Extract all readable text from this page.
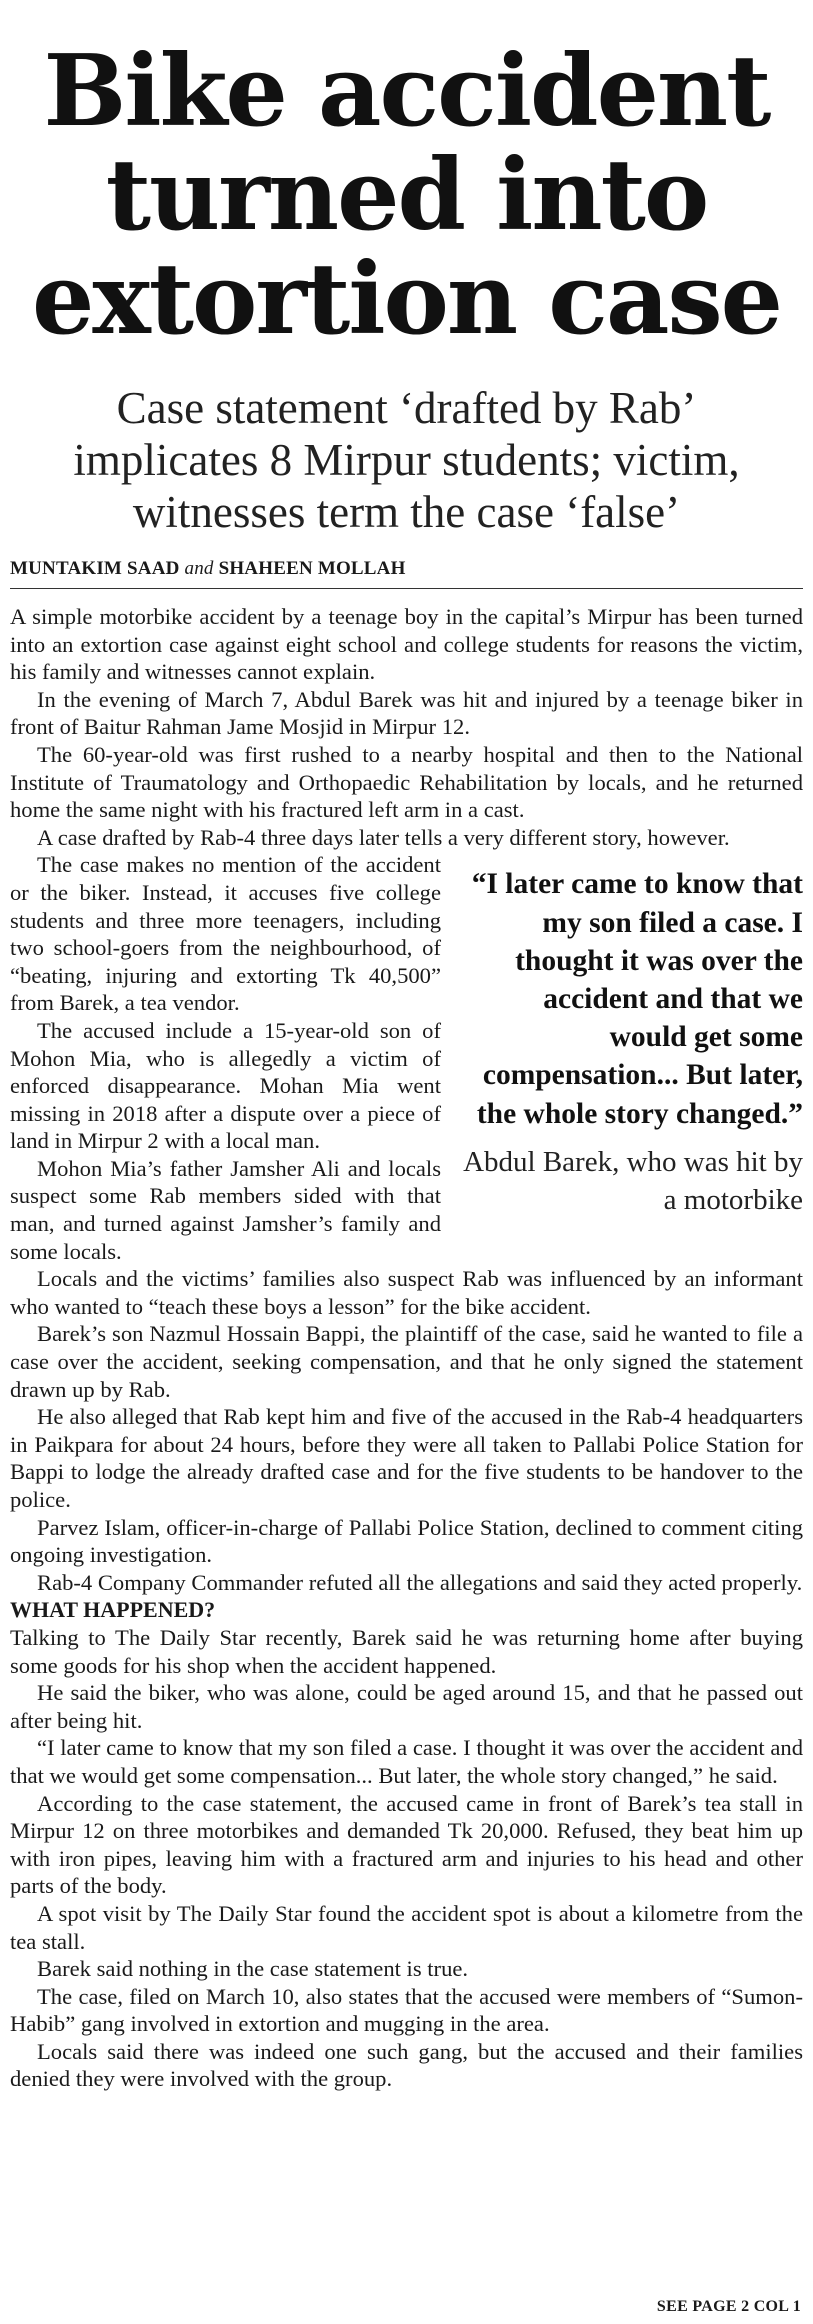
Bike accident
turned into
extortion case
Case statement ‘drafted by Rab’
implicates 8 Mirpur students; victim,
witnesses term the case ‘false’
MUNTAKIM SAAD and SHAHEEN MOLLAH

A simple motorbike accident by a teenage boy in the capital’s Mirpur has been turned into an extortion case against eight school and college students for reasons the victim, his family and witnesses cannot explain.

In the evening of March 7, Abdul Barek was hit and injured by a teenage biker in front of Baitur Rahman Jame Mosjid in Mirpur 12.

The 60-year-old was first rushed to a nearby hospital and then to the National Institute of Traumatology and Orthopaedic Rehabilitation by locals, and he returned home the same night with his fractured left arm in a cast.

A case drafted by Rab-4 three days later tells a very different story, however.

“I later came to know that my son filed a case. I thought it was over the accident and that we would get some compensation... But later, the whole story changed.”
Abdul Barek, who was hit by a motorbike

The case makes no mention of the accident or the biker. Instead, it accuses five college students and three more teenagers, including two school-goers from the neighbourhood, of “beating, injuring and extorting Tk 40,500” from Barek, a tea vendor.

The accused include a 15-year-old son of Mohon Mia, who is allegedly a victim of enforced disappearance. Mohan Mia went missing in 2018 after a dispute over a piece of land in Mirpur 2 with a local man.

Mohon Mia’s father Jamsher Ali and locals suspect some Rab members sided with that man, and turned against Jamsher’s family and some locals.

Locals and the victims’ families also suspect Rab was influenced by an informant who wanted to “teach these boys a lesson” for the bike accident.

Barek’s son Nazmul Hossain Bappi, the plaintiff of the case, said he wanted to file a case over the accident, seeking compensation, and that he only signed the statement drawn up by Rab.

He also alleged that Rab kept him and five of the accused in the Rab-4 headquarters in Paikpara for about 24 hours, before they were all taken to Pallabi Police Station for Bappi to lodge the already drafted case and for the five students to be handover to the police.

Parvez Islam, officer-in-charge of Pallabi Police Station, declined to comment citing ongoing investigation.

Rab-4 Company Commander refuted all the allegations and said they acted properly.

WHAT HAPPENED?

Talking to The Daily Star recently, Barek said he was returning home after buying some goods for his shop when the accident happened.

He said the biker, who was alone, could be aged around 15, and that he passed out after being hit.

“I later came to know that my son filed a case. I thought it was over the accident and that we would get some compensation... But later, the whole story changed,” he said.

According to the case statement, the accused came in front of Barek’s tea stall in Mirpur 12 on three motorbikes and demanded Tk 20,000. Refused, they beat him up with iron pipes, leaving him with a fractured arm and injuries to his head and other parts of the body.

A spot visit by The Daily Star found the accident spot is about a kilometre from the tea stall.

Barek said nothing in the case statement is true.

The case, filed on March 10, also states that the accused were members of “Sumon-Habib” gang involved in extortion and mugging in the area.

Locals said there was indeed one such gang, but the accused and their families denied they were involved with the group.

SEE PAGE 2 COL 1
